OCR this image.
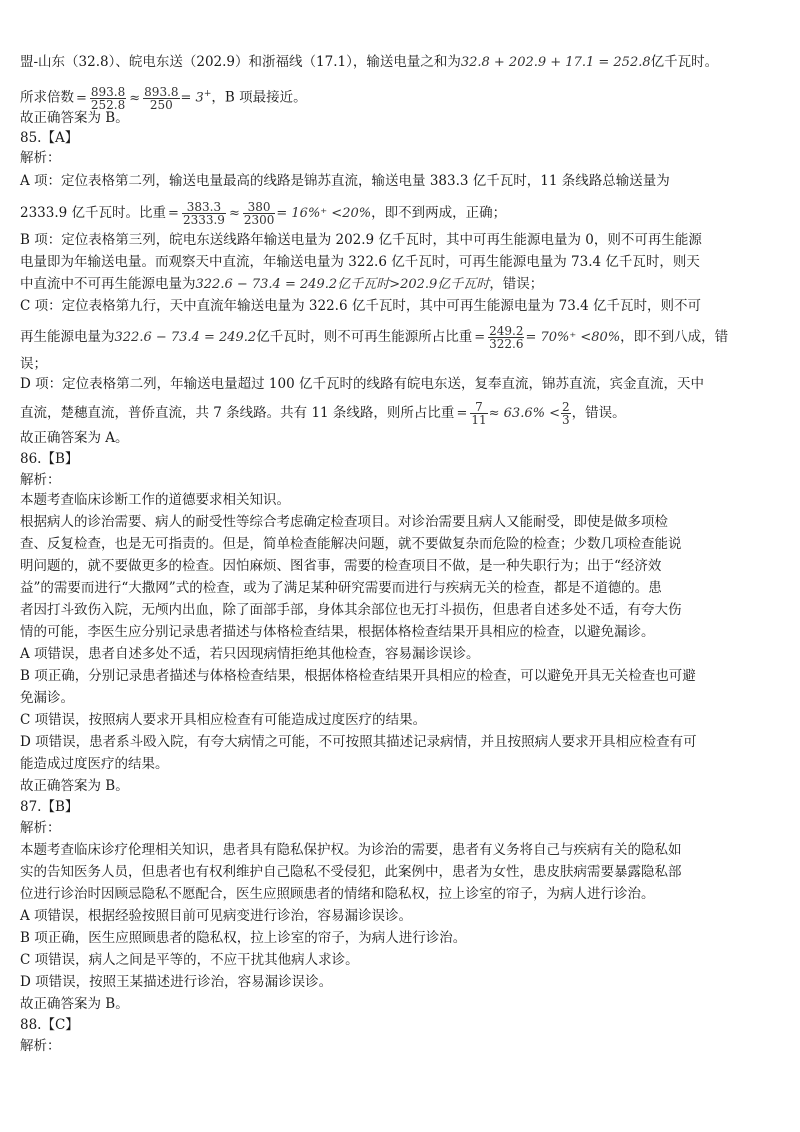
盟-山东（32.8）、皖电东送（202.9）和浙福线（17.1），输送电量之和为32.8 + 202.9 + 17.1 = 252.8亿千瓦时。
所求倍数 = $\frac{893.8}{252.8} \approx \frac{893.8}{250} = 3^+$，B 项最接近。
故正确答案为 B。
85.【A】
解析：
A 项：定位表格第二列，输送电量最高的线路是锦苏直流，输送电量 383.3 亿千瓦时，11 条线路总输送量为
2333.9 亿千瓦时。比重 = $\frac{383.3}{2333.9} \approx \frac{380}{2300} = 16\%^+ <20\%$，即不到两成，正确；
B 项：定位表格第三列，皖电东送线路年输送电量为 202.9 亿千瓦时，其中可再生能源电量为 0，则不可再生能源
电量即为年输送电量。而观察天中直流，年输送电量为 322.6 亿千瓦时，可再生能源电量为 73.4 亿千瓦时，则天
中直流中不可再生能源电量为322.6 − 73.4 = 249.2亿千瓦时>202.9亿千瓦时，错误；
C 项：定位表格第九行，天中直流年输送电量为 322.6 亿千瓦时，其中可再生能源电量为 73.4 亿千瓦时，则不可
再生能源电量为322.6 − 73.4 = 249.2亿千瓦时，则不可再生能源所占比重 = $\frac{249.2}{322.6} = 70\%^+ <80\%$，即不到八成，错
误；
D 项：定位表格第二列，年输送电量超过 100 亿千瓦时的线路有皖电东送，复奉直流，锦苏直流，宾金直流，天中
直流，楚穗直流，普侨直流，共 7 条线路。共有 11 条线路，则所占比重 = $\frac{7}{11} \approx 63.6\% < \frac{2}{3}$ ，错误。
故正确答案为 A。
86.【B】
解析：
本题考查临床诊断工作的道德要求相关知识。
根据病人的诊治需要、病人的耐受性等综合考虑确定检查项目。对诊治需要且病人又能耐受，即使是做多项检
查、反复检查，也是无可指责的。但是，简单检查能解决问题，就不要做复杂而危险的检查；少数几项检查能说
明问题的，就不要做更多的检查。因怕麻烦、图省事，需要的检查项目不做，是一种失职行为；出于“经济效
益”的需要而进行“大撒网”式的检查，或为了满足某种研究需要而进行与疾病无关的检查，都是不道德的。患
者因打斗致伤入院，无颅内出血，除了面部手部，身体其余部位也无打斗损伤，但患者自述多处不适，有夸大伤
情的可能，李医生应分别记录患者描述与体格检查结果，根据体格检查结果开具相应的检查，以避免漏诊。
A 项错误，患者自述多处不适，若只因现病情拒绝其他检查，容易漏诊误诊。
B 项正确，分别记录患者描述与体格检查结果，根据体格检查结果开具相应的检查，可以避免开具无关检查也可避
免漏诊。
C 项错误，按照病人要求开具相应检查有可能造成过度医疗的结果。
D 项错误，患者系斗殴入院，有夸大病情之可能，不可按照其描述记录病情，并且按照病人要求开具相应检查有可
能造成过度医疗的结果。
故正确答案为 B。
87.【B】
解析：
本题考查临床诊疗伦理相关知识，患者具有隐私保护权。为诊治的需要，患者有义务将自己与疾病有关的隐私如
实的告知医务人员，但患者也有权利维护自己隐私不受侵犯，此案例中，患者为女性，患皮肤病需要暴露隐私部
位进行诊治时因顾忌隐私不愿配合，医生应照顾患者的情绪和隐私权，拉上诊室的帘子，为病人进行诊治。
A 项错误，根据经验按照目前可见病变进行诊治，容易漏诊误诊。
B 项正确，医生应照顾患者的隐私权，拉上诊室的帘子，为病人进行诊治。
C 项错误，病人之间是平等的，不应干扰其他病人求诊。
D 项错误，按照王某描述进行诊治，容易漏诊误诊。
故正确答案为 B。
88.【C】
解析：
